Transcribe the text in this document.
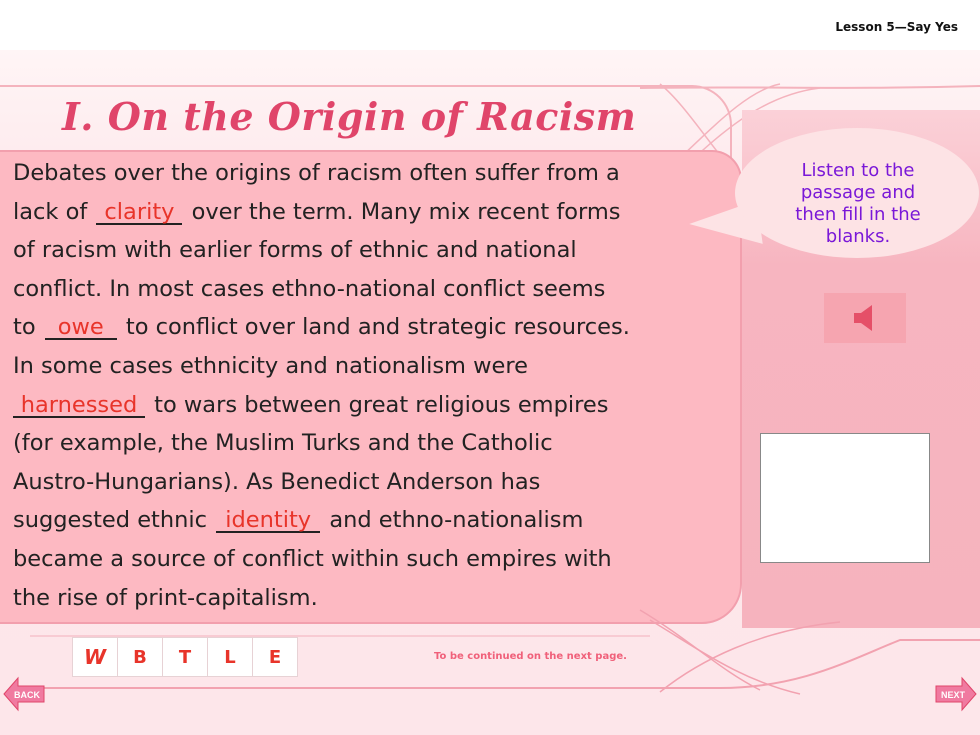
Lesson 5—Say Yes
I. On the Origin of Racism
Debates over the origins of racism often suffer from a
lack of clarity over the term. Many mix recent forms
of racism with earlier forms of ethnic and national
conflict. In most cases ethno-national conflict seems
to owe to conflict over land and strategic resources.
In some cases ethnicity and nationalism were
harnessed to wars between great religious empires
(for example, the Muslim Turks and the Catholic
Austro-Hungarians). As Benedict Anderson has
suggested ethnic identity and ethno-nationalism
became a source of conflict within such empires with
the rise of print-capitalism.
Listen to the
passage and
then fill in the
blanks.
W	B	T	L	E	To be continued on the next page.
BACK	NEXT
